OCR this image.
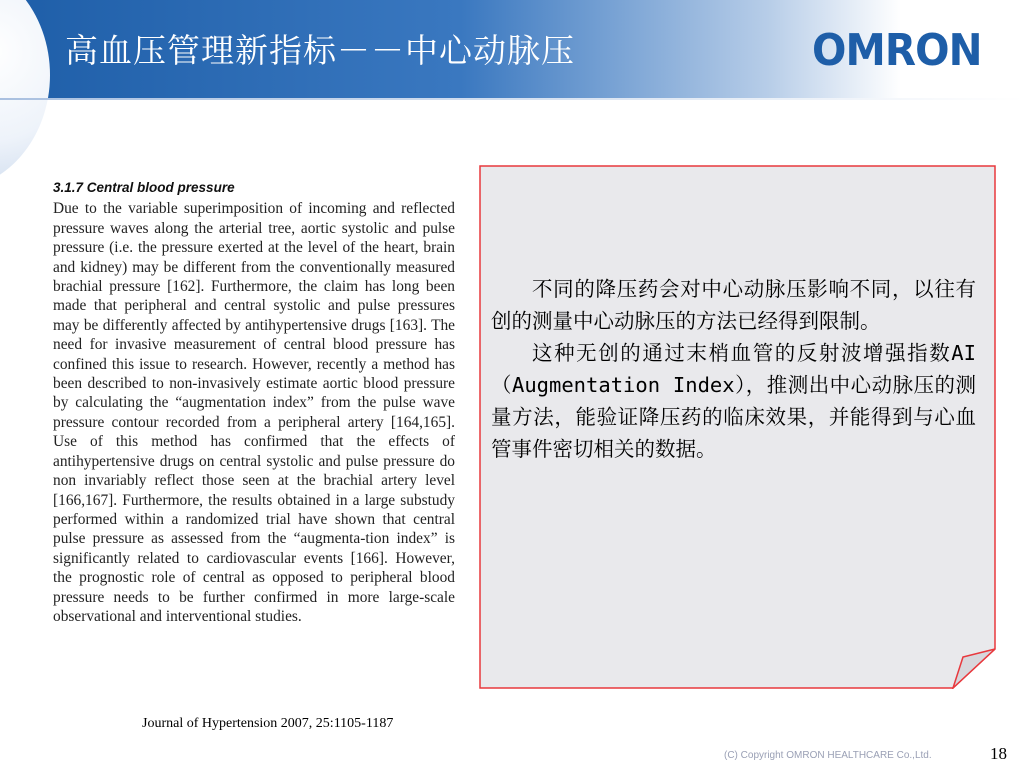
高血压管理新指标－－中心动脉压	OMRON
3.1.7 Central blood pressure
Due to the variable superimposition of incoming and reflected pressure waves along the arterial tree, aortic systolic and pulse pressure (i.e. the pressure exerted at the level of the heart, brain and kidney) may be different from the conventionally measured brachial pressure [162]. Furthermore, the claim has long been made that peripheral and central systolic and pulse pressures may be differently affected by antihypertensive drugs [163]. The need for invasive measurement of central blood pressure has confined this issue to research. However, recently a method has been described to non-invasively estimate aortic blood pressure by calculating the “augmentation index” from the pulse wave pressure contour recorded from a peripheral artery [164,165]. Use of this method has confirmed that the effects of antihypertensive drugs on central systolic and pulse pressure do non invariably reflect those seen at the brachial artery level [166,167]. Furthermore, the results obtained in a large substudy performed within a randomized trial have shown that central pulse pressure as assessed from the “augmenta-tion index” is significantly related to cardiovascular events [166]. However, the prognostic role of central as opposed to peripheral blood pressure needs to be further confirmed in more large-scale observational and interventional studies.
Journal of Hypertension 2007, 25:1105-1187

不同的降压药会对中心动脉压影响不同，以往有创的测量中心动脉压的方法已经得到限制。

这种无创的通过末梢血管的反射波增强指数AI（Augmentation Index），推测出中心动脉压的测量方法，能验证降压药的临床效果，并能得到与心血管事件密切相关的数据。

(C) Copyright OMRON HEALTHCARE Co.,Ltd.	18
